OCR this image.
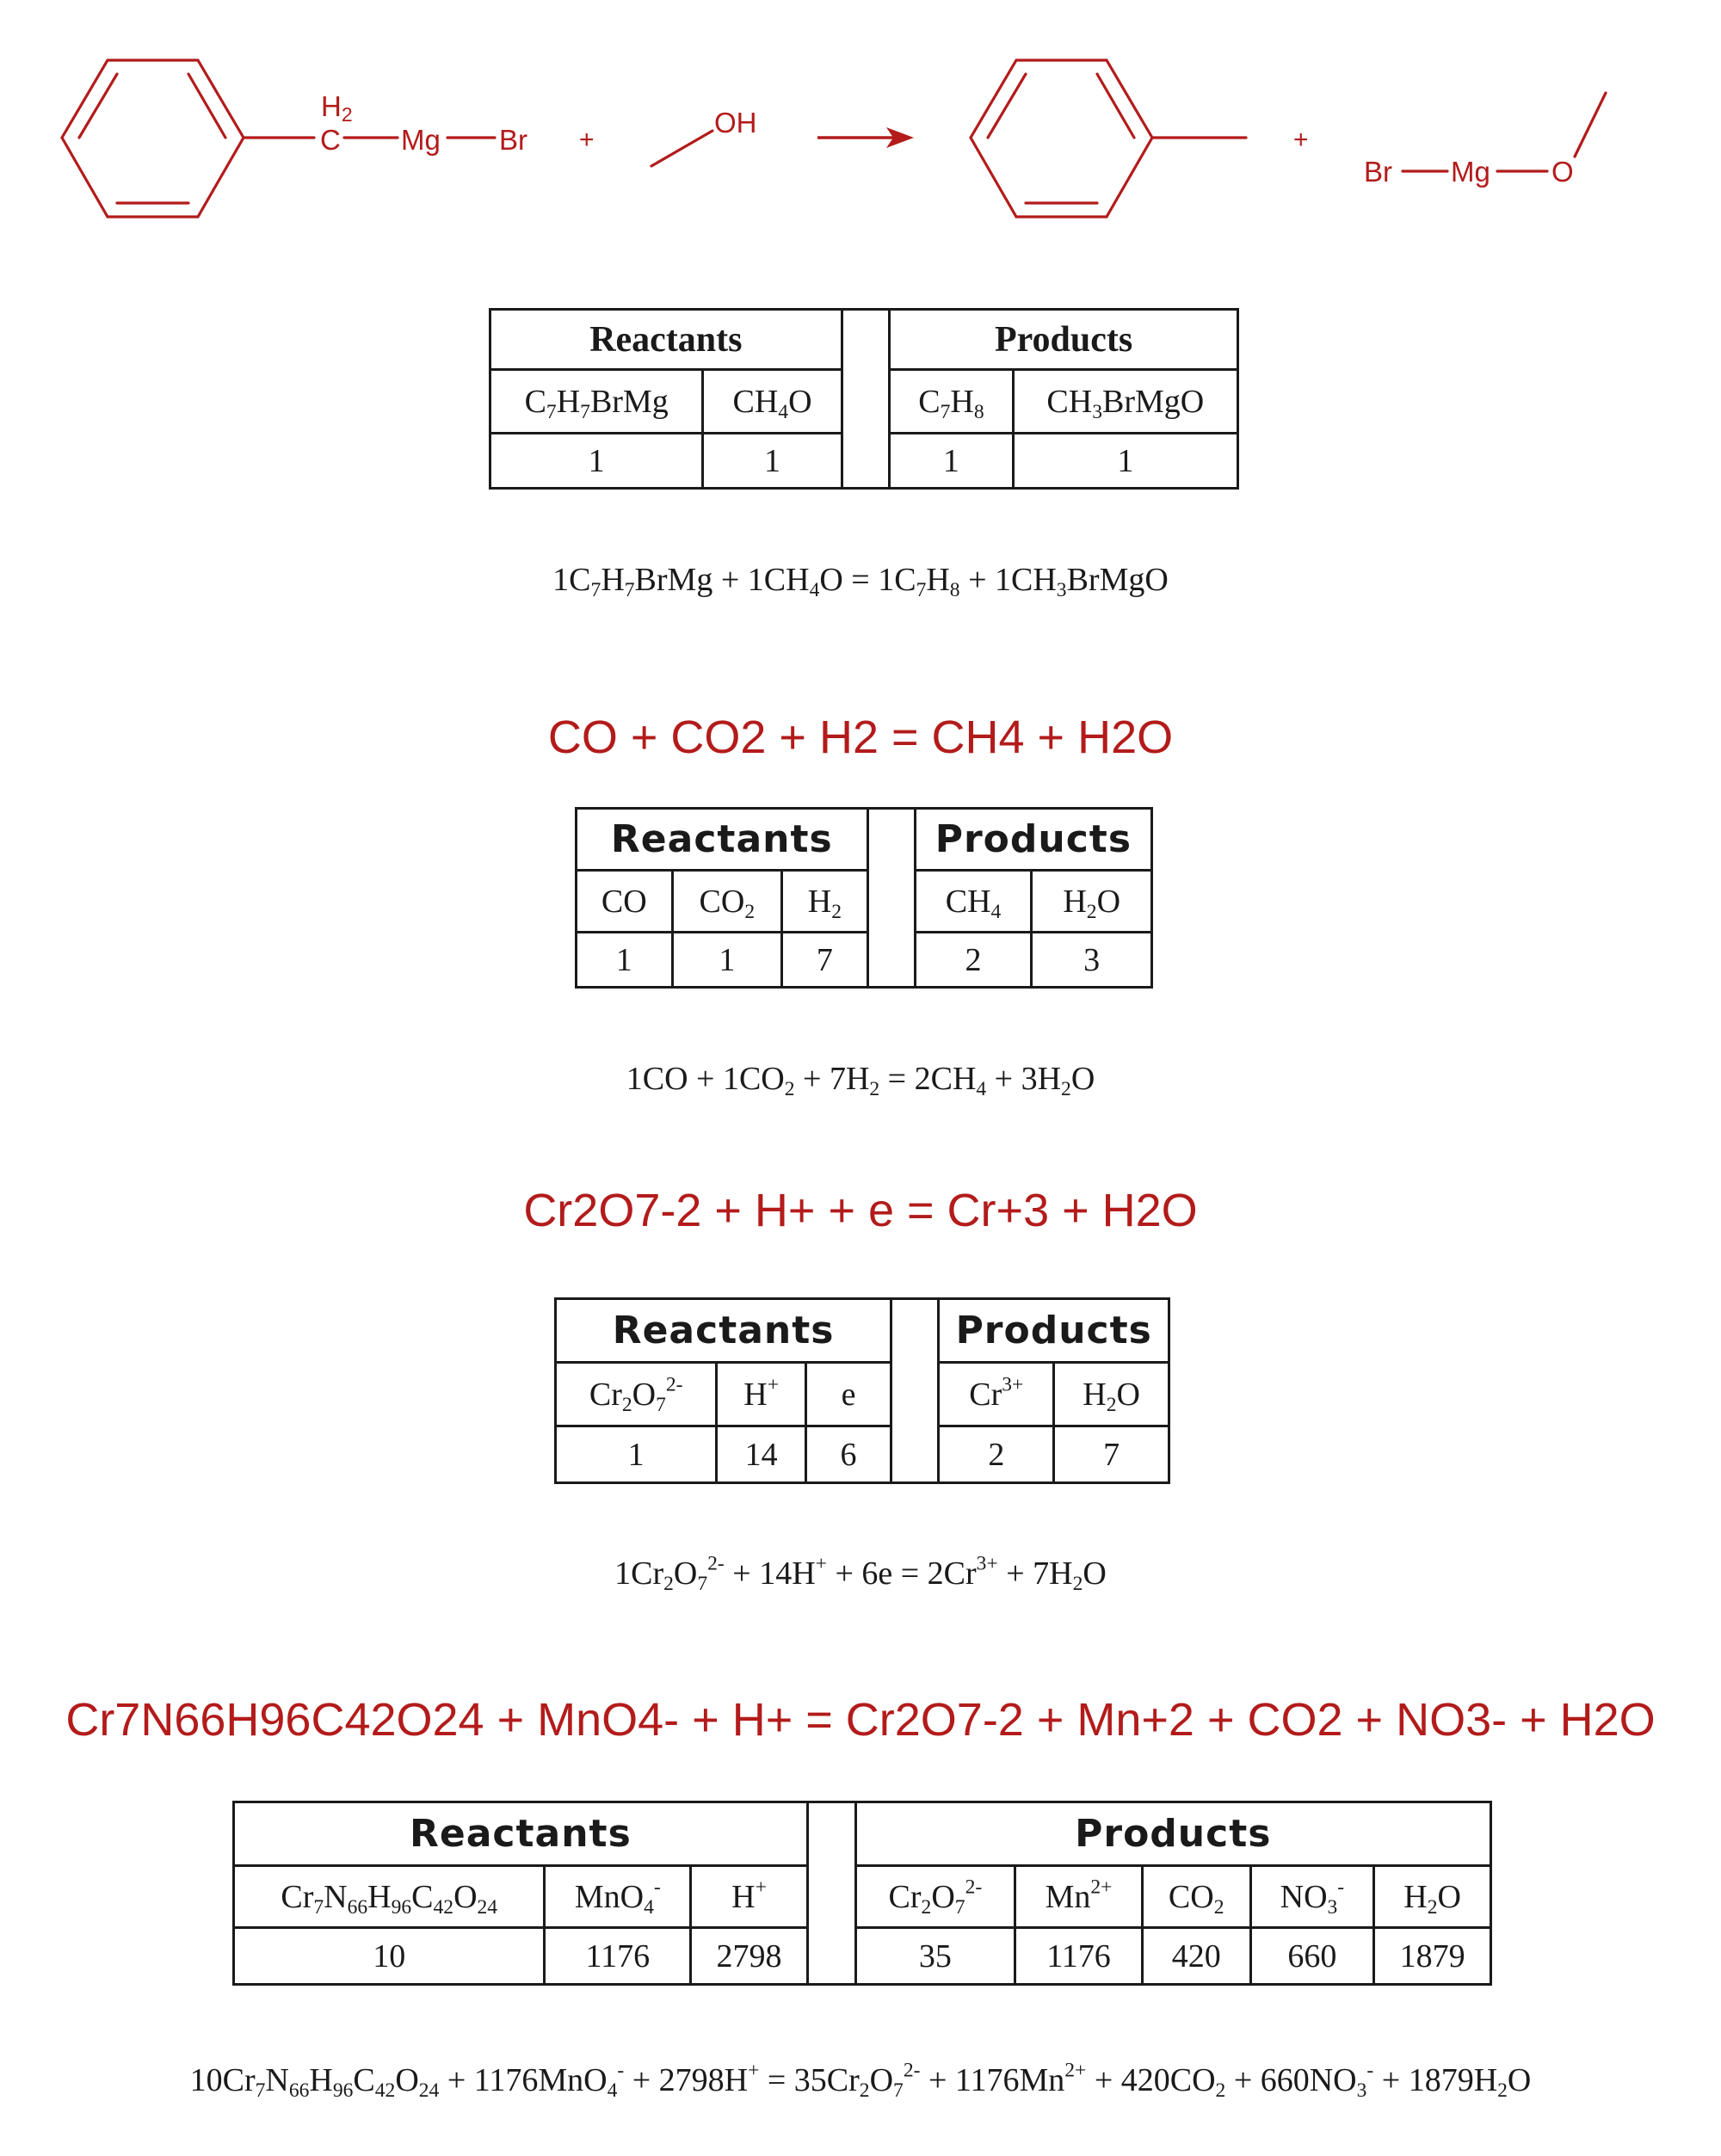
H2
C Mg Br +
OH
+
Br Mg O
Reactants			Products	
$C_7H_7BrMg$	$CH_4O$		$C_7H_8$	$CH_3BrMgO$
1	1		1	1
$1C_7H_7BrMg + 1CH_4O = 1C_7H_8$ + $1CH_3BrMgO$
CO + CO2 + H2 = CH4 + H2O
Reactants				Products	
CO	$CO_2$	$H_2$		$CH_4$	$H_2O$
1	1	7		2	3
$1CO + 1CO_2 + 7H_2 = 2CH_4 + 3H_2O$
Cr2O7-2 + H+ + e = Cr+3 + H2O
Reactants				Products	
$Cr_2O_7^{2-}$	H+	e		$Cr^{3+}$	$H_2O$
1	14	6		2	7
$1Cr_2O_7^{2-} + 14H^+ + 6e = 2Cr^{3+} + 7H_2O$
Cr7N66H96C42O24 + MnO4- + H+ = Cr2O7-2 + Mn+2 + CO2 + NO3- + H2O
Reactants				Products				
$Cr_7N_{66}H_{96}C_{42}O_{24}$	MnO$_4$-	H+		$Cr_2O_7^{2-}$	$Mn^{2+}$	$CO_2$	$NO_3^-$	$H_2O$
10	1176	2798		35	1176	420	660	1879
$10Cr_7N_{66}H_{96}C_{42}O_{24} + 1176MnO_4^- + 2798H^+ = 35Cr_2O_7^{2-} + 1176Mn^{2+} + 420CO_2 + 660NO_3^- + 1879H_2O$
